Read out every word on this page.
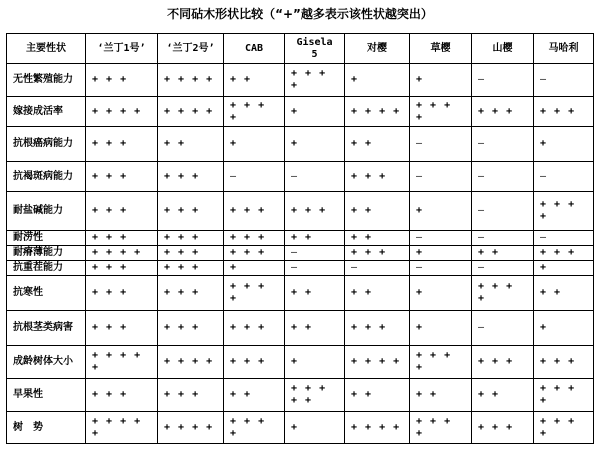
不同砧木形状比较（“+”越多表示该性状越突出）
主要性状	‘兰丁1号’	‘兰丁2号’	CAB	Gisela 5	对樱	草樱	山樱	马哈利
无性繁殖能力	+ + +	+ + + +	+ +	+ + + +	+	+	–	–
嫁接成活率	+ + + +	+ + + +	+ + + +	+	+ + + +	+ + + +	+ + +	+ + +
抗根癌病能力	+ + +	+ +	+	+	+ +	–	–	+
抗褐斑病能力	+ + +	+ + +	–	–	+ + +	–	–	–
耐盐碱能力	+ + +	+ + +	+ + +	+ + +	+ +	+	–	+ + + +
耐涝性	+ + +	+ + +	+ + +	+ +	+ +	–	–	–
耐瘠薄能力	+ + + +	+ + +	+ + +	–	+ + +	+	+ +	+ + +
抗重茬能力	+ + +	+ + +	+	–	–	–	–	+
抗寒性	+ + +	+ + +	+ + + +	+ +	+ +	+	+ + + +	+ +
抗根茎类病害	+ + +	+ + +	+ + +	+ +	+ + +	+	–	+
成龄树体大小	+ + + + +	+ + + +	+ + +	+	+ + + +	+ + + +	+ + +	+ + +
早果性	+ + +	+ + +	+ +	+ + + + +	+ +	+ +	+ +	+ + + +
树　势	+ + + + +	+ + + +	+ + + +	+	+ + + +	+ + + +	+ + +	+ + + +
